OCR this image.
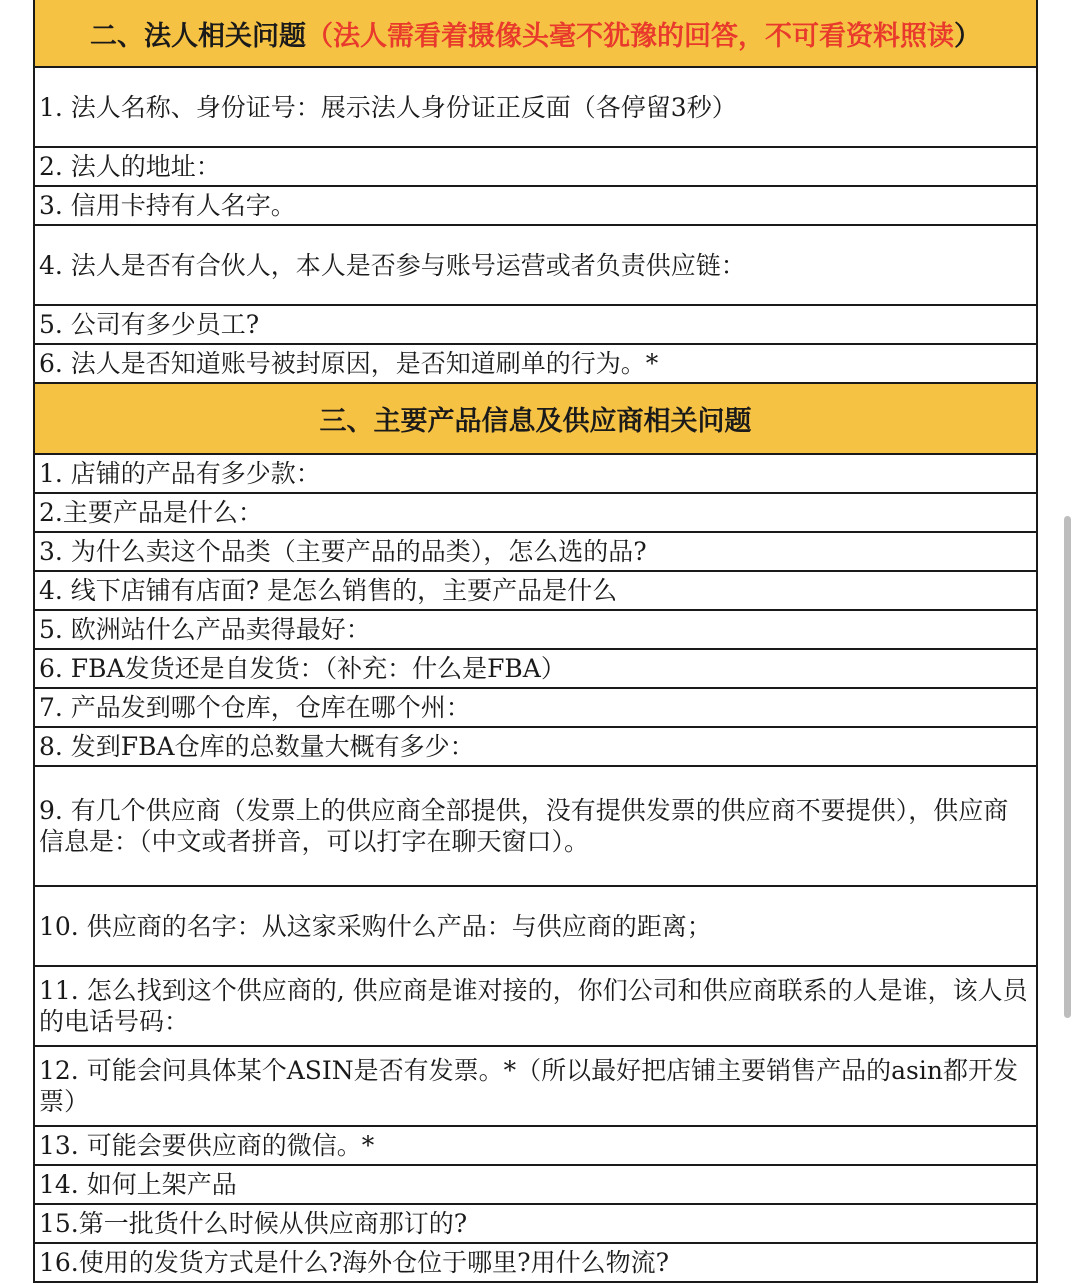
二、法人相关问题 （法人需看着摄像头毫不犹豫的回答，不可看资料照读 ）
1. 法人名称、身份证号：展示法人身份证正反面（各停留3秒）
2. 法人的地址：
3. 信用卡持有人名字。
4. 法人是否有合伙人，本人是否参与账号运营或者负责供应链：
5. 公司有多少员工?
6. 法人是否知道账号被封原因，是否知道刷单的行为。*
三、主要产品信息及供应商相关问题
1. 店铺的产品有多少款：
2.主要产品是什么：
3. 为什么卖这个品类（主要产品的品类），怎么选的品?
4. 线下店铺有店面? 是怎么销售的，主要产品是什么
5. 欧洲站什么产品卖得最好：
6. FBA发货还是自发货：（补充：什么是FBA）
7. 产品发到哪个仓库，仓库在哪个州：
8. 发到FBA仓库的总数量大概有多少：
9. 有几个供应商（发票上的供应商全部提供，没有提供发票的供应商不要提供），供应商信息是：（中文或者拼音，可以打字在聊天窗口）。
10. 供应商的名字：从这家采购什么产品：与供应商的距离；
11. 怎么找到这个供应商的, 供应商是谁对接的，你们公司和供应商联系的人是谁，该人员的电话号码：
12. 可能会问具体某个ASIN是否有发票。*（所以最好把店铺主要销售产品的asin都开发票）
13. 可能会要供应商的微信。*
14. 如何上架产品
15.第一批货什么时候从供应商那订的?
16.使用的发货方式是什么?海外仓位于哪里?用什么物流?
